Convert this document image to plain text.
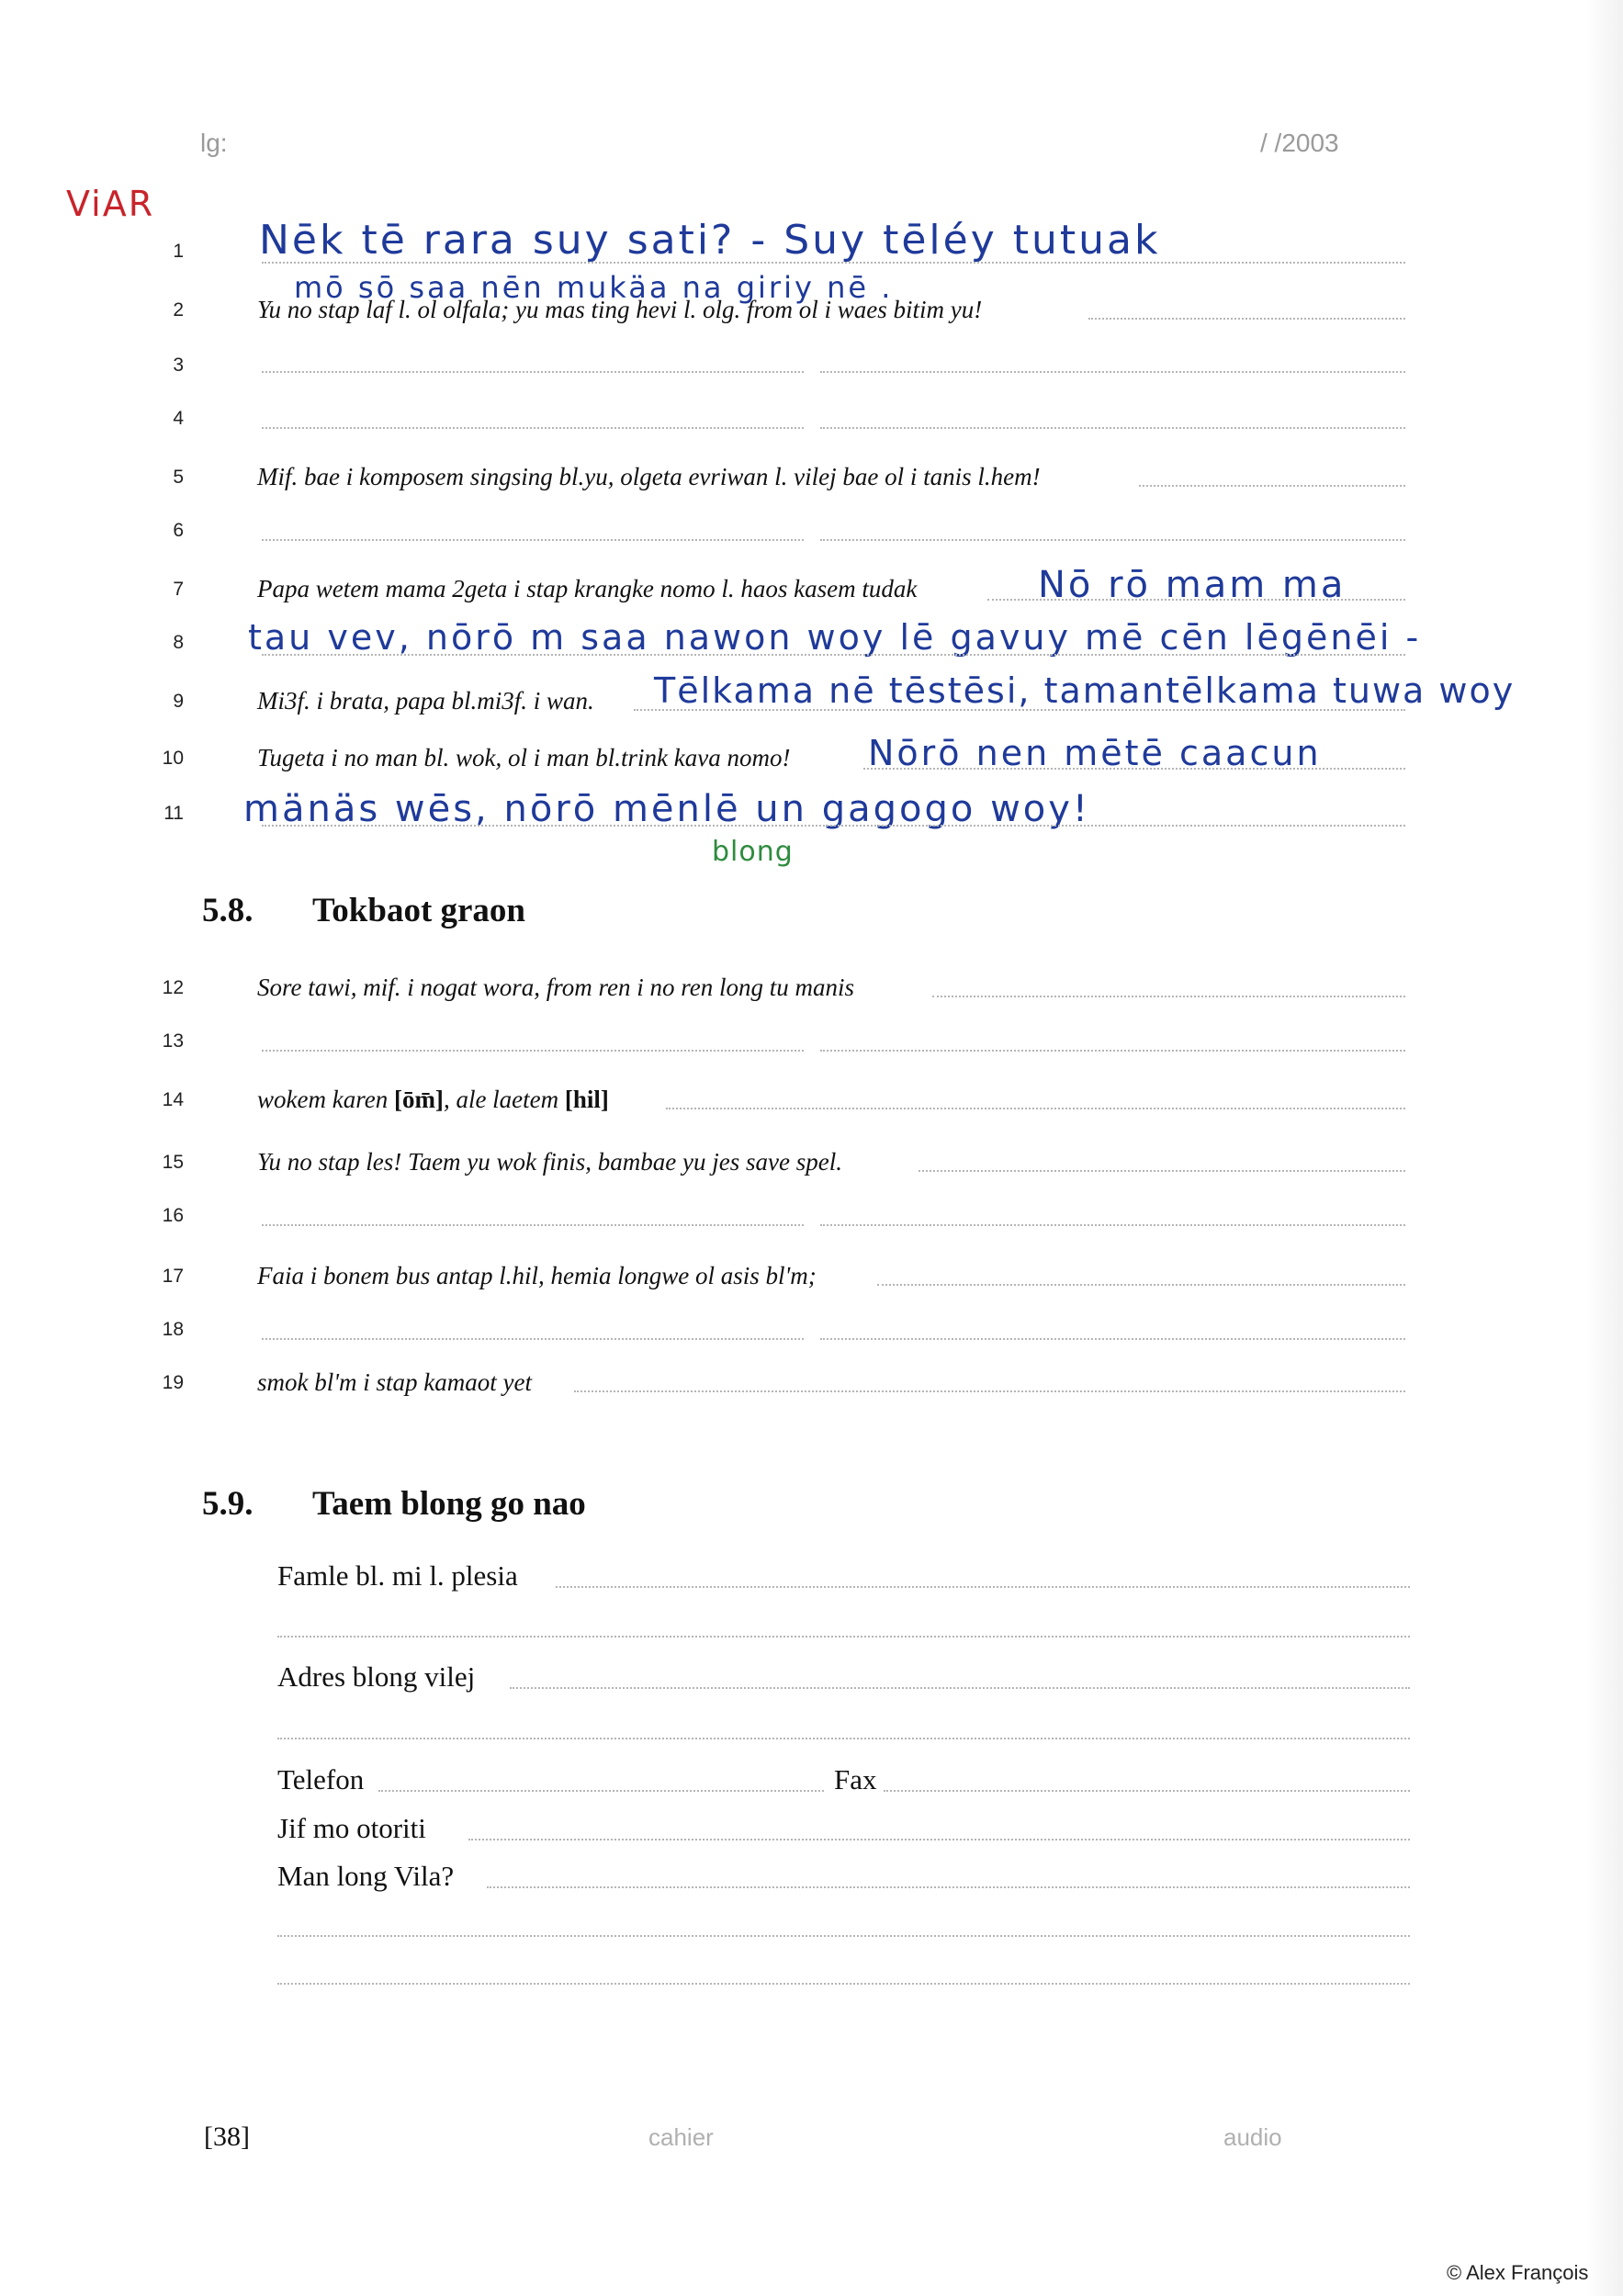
lg:	/ /2003
ViAR
1 Nēk tē rara suy sati? - Suy tēléy tutuak
2
mō sō saa nēn mukäa na giriy nē .
Yu no stap laf l. ol olfala; yu mas ting hevi l. olg. from ol i waes bitim yu!
3
4
5	Mif. bae i komposem singsing bl.yu, olgeta evriwan l. vilej bae ol i tanis l.hem!
6
7	Papa wetem mama 2geta i stap krangke nomo l. haos kasem tudak	Nō rō mam ma
8 tau vev, nōrō m saa nawon woy lē gavuy mē cēn lēgēnēi -
9	Mi3f. i brata, papa bl.mi3f. i wan. Tēlkama nē tēstēsi, tamantēlkama tuwa woy
10	Tugeta i no man bl. wok, ol i man bl.trink kava nomo! Nōrō nen mētē caacun
11 mänäs wēs, nōrō mēnlē un gagogo woy!
blong
5.8. Tokbaot graon
12	Sore tawi, mif. i nogat wora, from ren i no ren long tu manis
13
14	wokem karen [ōm̄], ale laetem [hil]
15	Yu no stap les! Taem yu wok finis, bambae yu jes save spel.
16
17	Faia i bonem bus antap l.hil, hemia longwe ol asis bl'm;
18
19	smok bl'm i stap kamaot yet
5.9. Taem blong go nao
Famle bl. mi l. plesia
Adres blong vilej
Telefon	Fax
Jif mo otoriti
Man long Vila?
[38]	cahier	audio
© Alex François
